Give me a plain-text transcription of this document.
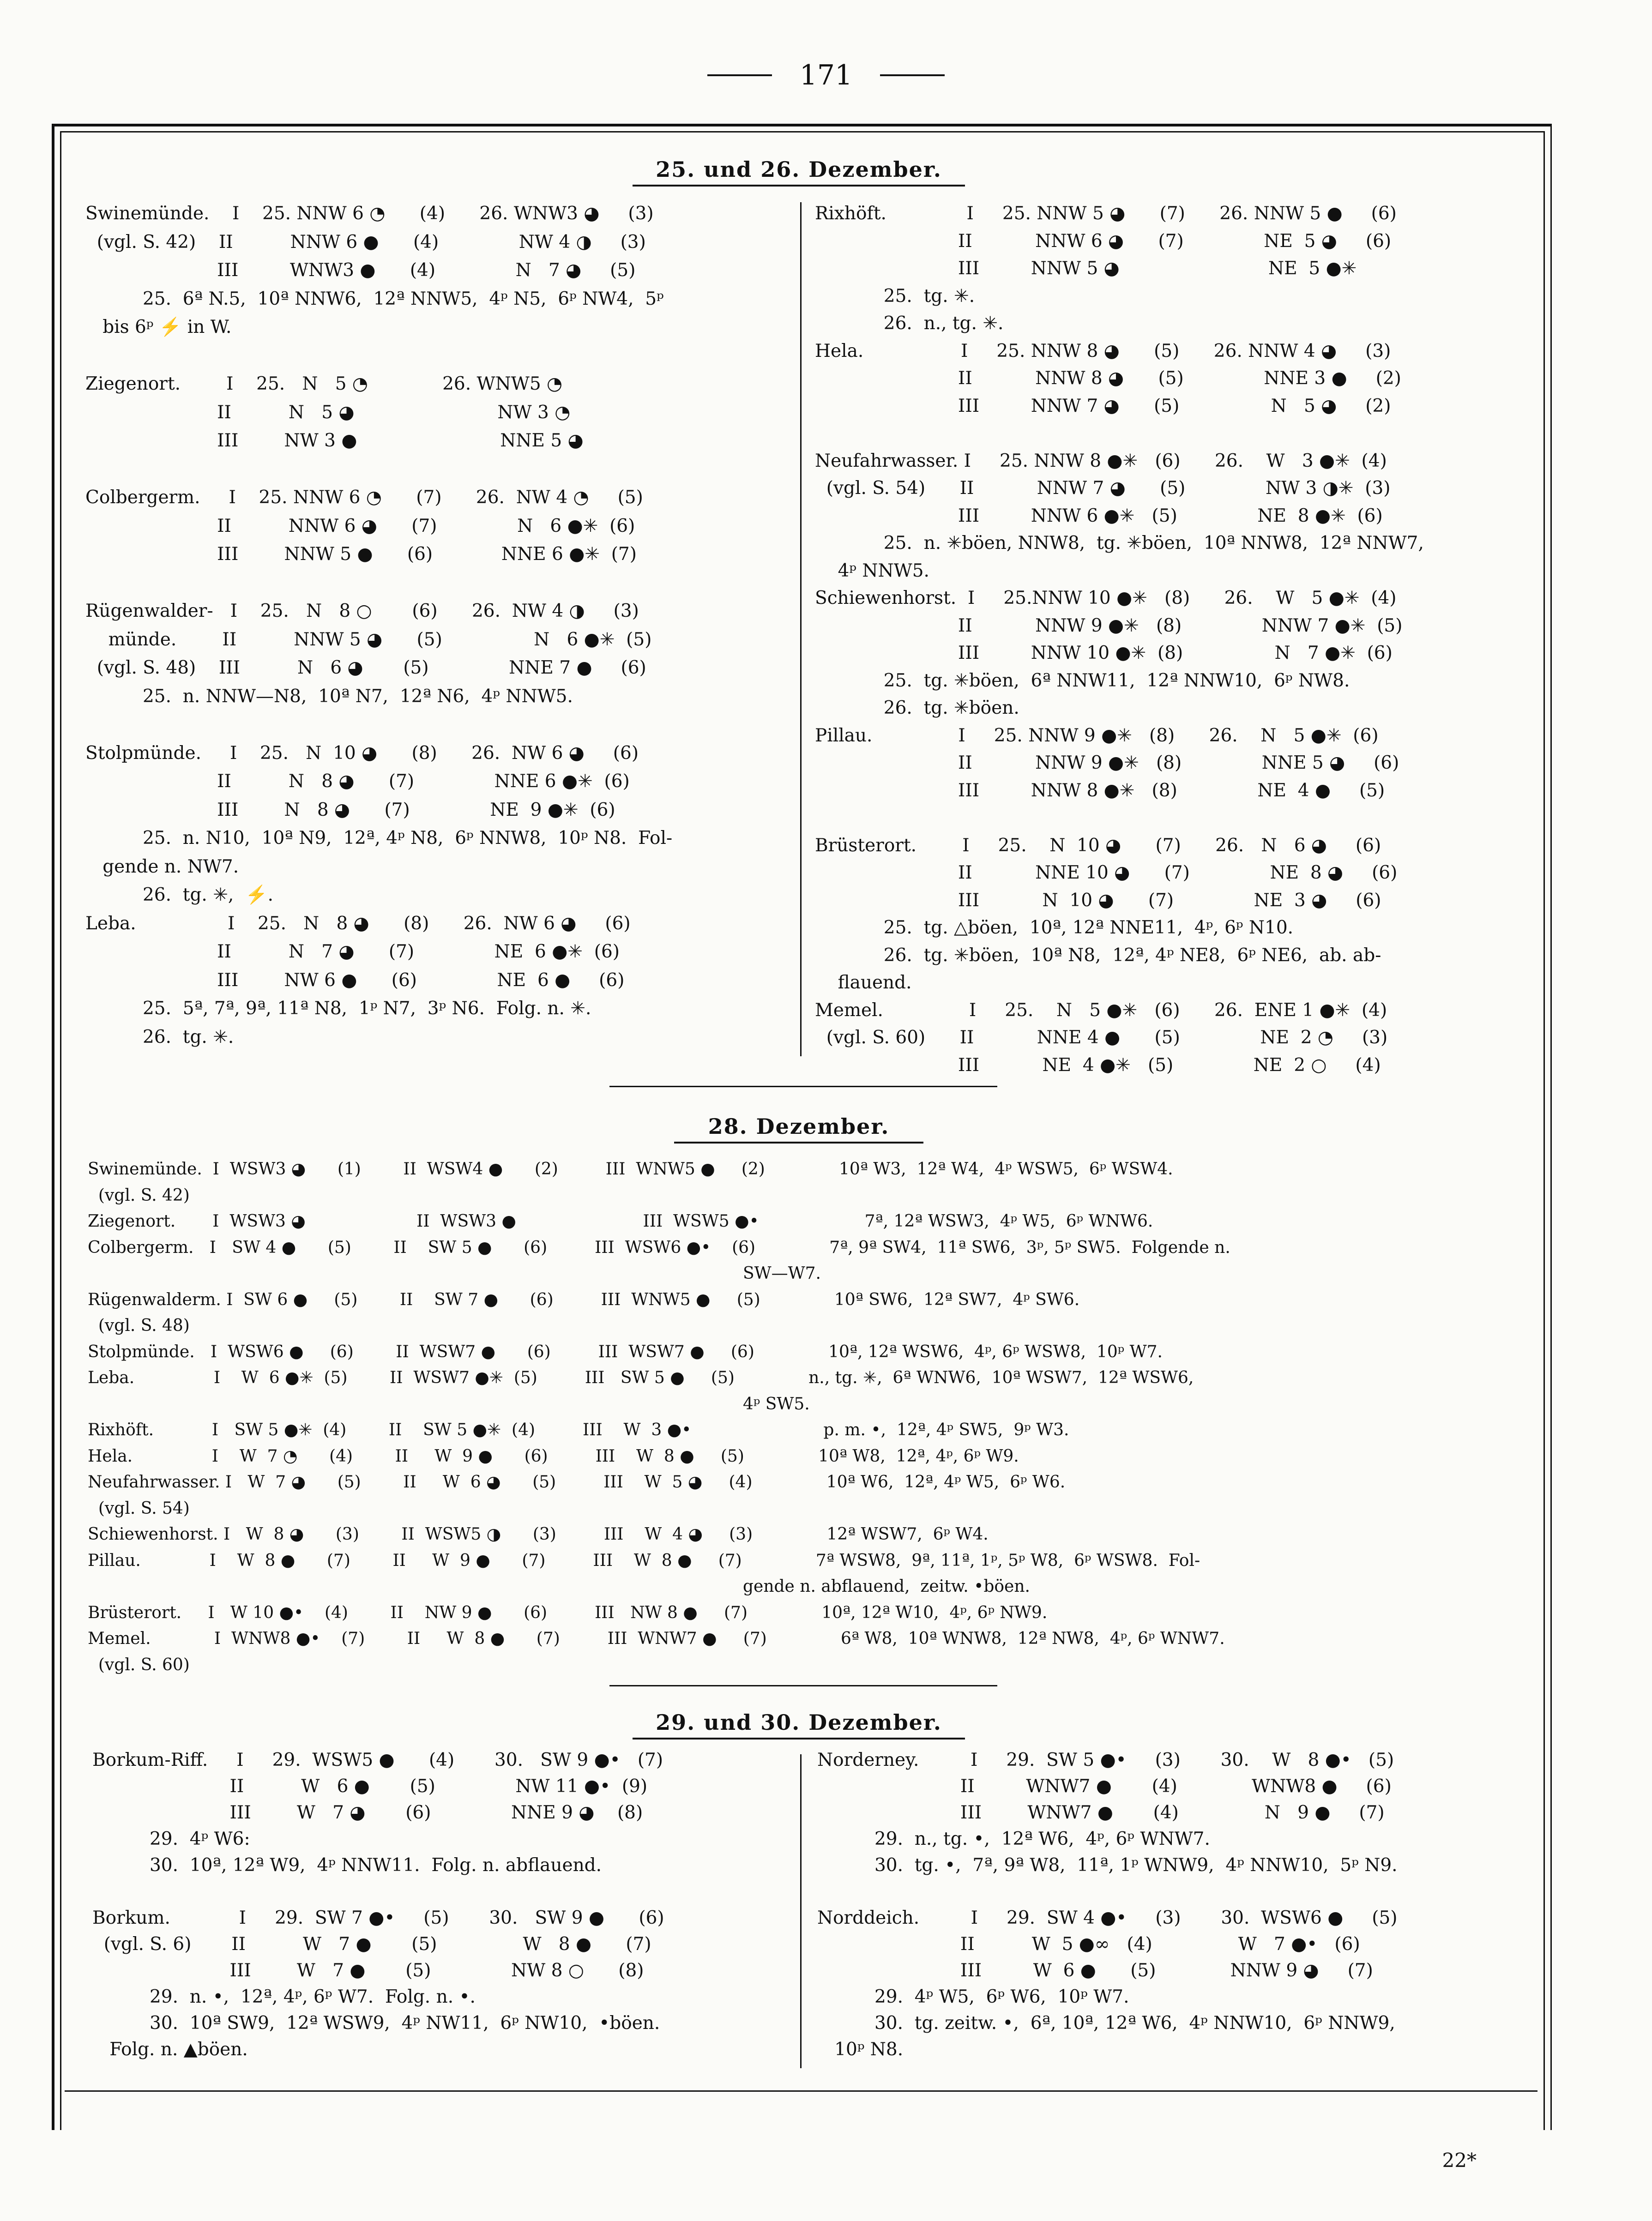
171
25. und 26. Dezember.
Swinemünde.    I    25. NNW 6 ◔      (4)      26. WNW3 ◕     (3)
(vgl. S. 42)    II          NNW 6 ●      (4)              NW 4 ◑     (3)
III         WNW3 ●      (4)              N   7 ◕     (5)
25.  6ª N.5,  10ª NNW6,  12ª NNW5,  4ᵖ N5,  6ᵖ NW4,  5ᵖ
bis 6ᵖ ⚡ in W.
Ziegenort.        I    25.   N   5 ◔             26. WNW5 ◔
II          N   5 ◕                         NW 3 ◔
III        NW 3 ●                         NNE 5 ◕
Colbergerm.     I    25. NNW 6 ◔      (7)      26.  NW 4 ◔     (5)
II          NNW 6 ◕      (7)              N   6 ●✳  (6)
III        NNW 5 ●      (6)            NNE 6 ●✳  (7)
Rügenwalder-   I    25.   N   8 ○       (6)      26.  NW 4 ◑     (3)
münde.        II          NNW 5 ◕      (5)                N   6 ●✳  (5)
(vgl. S. 48)    III          N   6 ◕       (5)              NNE 7 ●     (6)
25.  n. NNW—N8,  10ª N7,  12ª N6,  4ᵖ NNW5.
Stolpmünde.     I    25.   N  10 ◕      (8)      26.  NW 6 ◕     (6)
II          N   8 ◕      (7)              NNE 6 ●✳  (6)
III        N   8 ◕      (7)              NE  9 ●✳  (6)
25.  n. N10,  10ª N9,  12ª, 4ᵖ N8,  6ᵖ NNW8,  10ᵖ N8.  Fol-
gende n. NW7.
26.  tg. ✳,  ⚡.
Leba.                I    25.   N   8 ◕      (8)      26.  NW 6 ◕     (6)
II          N   7 ◕      (7)              NE  6 ●✳  (6)
III        NW 6 ●      (6)              NE  6 ●     (6)
25.  5ª, 7ª, 9ª, 11ª N8,  1ᵖ N7,  3ᵖ N6.  Folg. n. ✳.
26.  tg. ✳.
Rixhöft.              I     25. NNW 5 ◕      (7)      26. NNW 5 ●     (6)
II           NNW 6 ◕      (7)              NE  5 ◕     (6)
III         NNW 5 ◕                          NE  5 ●✳
25.  tg. ✳.
26.  n., tg. ✳.
Hela.                 I     25. NNW 8 ◕      (5)      26. NNW 4 ◕     (3)
II           NNW 8 ◕      (5)              NNE 3 ●     (2)
III         NNW 7 ◕      (5)                N   5 ◕     (2)
Neufahrwasser. I     25. NNW 8 ●✳   (6)      26.    W   3 ●✳  (4)
(vgl. S. 54)      II           NNW 7 ◕      (5)              NW 3 ◑✳  (3)
III         NNW 6 ●✳   (5)              NE  8 ●✳  (6)
25.  n. ✳böen, NNW8,  tg. ✳böen,  10ª NNW8,  12ª NNW7,
4ᵖ NNW5.
Schiewenhorst.  I     25.NNW 10 ●✳   (8)      26.    W   5 ●✳  (4)
II           NNW 9 ●✳   (8)              NNW 7 ●✳  (5)
III         NNW 10 ●✳  (8)                N   7 ●✳  (6)
25.  tg. ✳böen,  6ª NNW11,  12ª NNW10,  6ᵖ NW8.
26.  tg. ✳böen.
Pillau.               I     25. NNW 9 ●✳   (8)      26.    N   5 ●✳  (6)
II           NNW 9 ●✳   (8)              NNE 5 ◕     (6)
III         NNW 8 ●✳   (8)              NE  4 ●     (5)
Brüsterort.        I     25.    N  10 ◕      (7)      26.   N   6 ◕     (6)
II           NNE 10 ◕      (7)              NE  8 ◕     (6)
III           N  10 ◕      (7)              NE  3 ◕     (6)
25.  tg. △böen,  10ª, 12ª NNE11,  4ᵖ, 6ᵖ N10.
26.  tg. ✳böen,  10ª N8,  12ª, 4ᵖ NE8,  6ᵖ NE6,  ab. ab-
flauend.
Memel.               I     25.    N   5 ●✳   (6)      26.  ENE 1 ●✳  (4)
(vgl. S. 60)      II           NNE 4 ●      (5)              NE  2 ◔     (3)
III           NE  4 ●✳   (5)              NE  2 ○     (4)
28. Dezember.
Swinemünde.  I  WSW3 ◕      (1)        II  WSW4 ●      (2)         III  WNW5 ●     (2)              10ª W3,  12ª W4,  4ᵖ WSW5,  6ᵖ WSW4.
(vgl. S. 42)
Ziegenort.       I  WSW3 ◕                     II  WSW3 ●                        III  WSW5 ●•                    7ª, 12ª WSW3,  4ᵖ W5,  6ᵖ WNW6.
Colbergerm.   I   SW 4 ●      (5)        II    SW 5 ●      (6)         III  WSW6 ●•    (6)              7ª, 9ª SW4,  11ª SW6,  3ᵖ, 5ᵖ SW5.  Folgende n.
SW—W7.
Rügenwalderm. I  SW 6 ●     (5)        II    SW 7 ●      (6)         III  WNW5 ●     (5)              10ª SW6,  12ª SW7,  4ᵖ SW6.
(vgl. S. 48)
Stolpmünde.   I  WSW6 ●     (6)        II  WSW7 ●      (6)         III  WSW7 ●     (6)              10ª, 12ª WSW6,  4ᵖ, 6ᵖ WSW8,  10ᵖ W7.
Leba.               I    W  6 ●✳  (5)        II  WSW7 ●✳  (5)         III   SW 5 ●     (5)              n., tg. ✳,  6ª WNW6,  10ª WSW7,  12ª WSW6,
4ᵖ SW5.
Rixhöft.           I   SW 5 ●✳  (4)        II    SW 5 ●✳  (4)         III    W  3 ●•                         p. m. •,  12ª, 4ᵖ SW5,  9ᵖ W3.
Hela.               I    W  7 ◔      (4)        II     W  9 ●      (6)         III    W  8 ●     (5)              10ª W8,  12ª, 4ᵖ, 6ᵖ W9.
Neufahrwasser. I   W  7 ◕      (5)        II     W  6 ◕      (5)         III    W  5 ◕     (4)              10ª W6,  12ª, 4ᵖ W5,  6ᵖ W6.
(vgl. S. 54)
Schiewenhorst. I   W  8 ◕      (3)        II  WSW5 ◑      (3)         III    W  4 ◕     (3)              12ª WSW7,  6ᵖ W4.
Pillau.             I    W  8 ●      (7)        II     W  9 ●      (7)         III    W  8 ●     (7)              7ª WSW8,  9ª, 11ª, 1ᵖ, 5ᵖ W8,  6ᵖ WSW8.  Fol-
gende n. abflauend,  zeitw. •böen.
Brüsterort.     I   W 10 ●•    (4)        II    NW 9 ●      (6)         III   NW 8 ●     (7)              10ª, 12ª W10,  4ᵖ, 6ᵖ NW9.
Memel.            I  WNW8 ●•    (7)        II     W  8 ●      (7)         III  WNW7 ●     (7)              6ª W8,  10ª WNW8,  12ª NW8,  4ᵖ, 6ᵖ WNW7.
(vgl. S. 60)
29. und 30. Dezember.
Borkum-Riff.     I     29.  WSW5 ●      (4)       30.   SW 9 ●•   (7)
II          W   6 ●       (5)              NW 11 ●•  (9)
III        W   7 ◕       (6)              NNE 9 ◕    (8)
29.  4ᵖ W6:
30.  10ª, 12ª W9,  4ᵖ NNW11.  Folg. n. abflauend.
Borkum.            I     29.  SW 7 ●•     (5)       30.   SW 9 ●      (6)
(vgl. S. 6)       II          W   7 ●       (5)               W   8 ●      (7)
III        W   7 ●       (5)              NW 8 ○      (8)
29.  n. •,  12ª, 4ᵖ, 6ᵖ W7.  Folg. n. •.
30.  10ª SW9,  12ª WSW9,  4ᵖ NW11,  6ᵖ NW10,  •böen.
Folg. n. ▲böen.
Norderney.         I     29.  SW 5 ●•     (3)       30.    W   8 ●•   (5)
II         WNW7 ●       (4)             WNW8 ●     (6)
III        WNW7 ●       (4)               N   9 ●     (7)
29.  n., tg. •,  12ª W6,  4ᵖ, 6ᵖ WNW7.
30.  tg. •,  7ª, 9ª W8,  11ª, 1ᵖ WNW9,  4ᵖ NNW10,  5ᵖ N9.
Norddeich.         I     29.  SW 4 ●•     (3)       30.  WSW6 ●     (5)
II          W  5 ●∞   (4)               W   7 ●•   (6)
III         W  6 ●      (5)             NNW 9 ◕     (7)
29.  4ᵖ W5,  6ᵖ W6,  10ᵖ W7.
30.  tg. zeitw. •,  6ª, 10ª, 12ª W6,  4ᵖ NNW10,  6ᵖ NNW9,
10ᵖ N8.
22*
